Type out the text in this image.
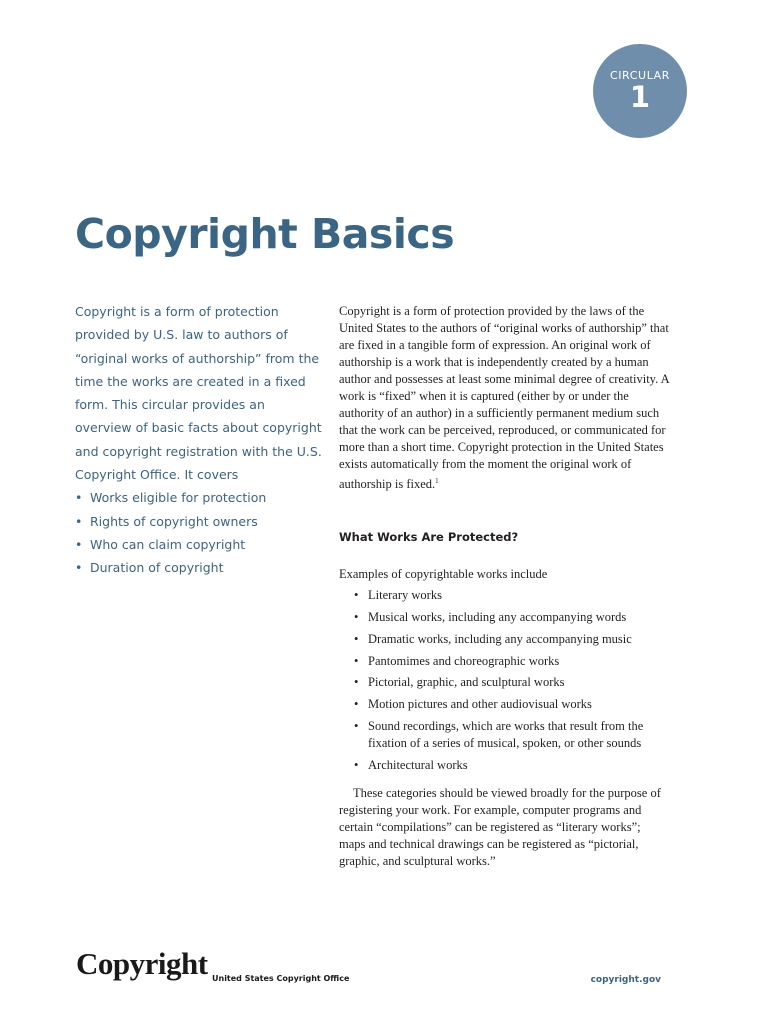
CIRCULAR
1
Copyright Basics

Copyright is a form of protection provided by U.S. law to authors of “original works of authorship” from the time the works are created in a fixed form. This circular provides an overview of basic facts about copyright and copyright registration with the U.S. Copyright Office. It covers

• Works eligible for protection
• Rights of copyright owners
• Who can claim copyright
• Duration of copyright

Copyright is a form of protection provided by the laws of the United States to the authors of “original works of authorship” that are fixed in a tangible form of expression. An original work of authorship is a work that is independently created by a human author and possesses at least some minimal degree of creativity. A work is “fixed” when it is captured (either by or under the authority of an author) in a sufficiently permanent medium such that the work can be perceived, reproduced, or communicated for more than a short time. Copyright protection in the United States exists automatically from the moment the original work of authorship is fixed.$^1$

What Works Are Protected?

Examples of copyrightable works include

• Literary works
• Musical works, including any accompanying words
• Dramatic works, including any accompanying music
• Pantomimes and choreographic works
• Pictorial, graphic, and sculptural works
• Motion pictures and other audiovisual works
• Sound recordings, which are works that result from the fixation of a series of musical, spoken, or other sounds
• Architectural works

These categories should be viewed broadly for the purpose of registering your work. For example, computer programs and certain “compilations” can be registered as “literary works”; maps and technical drawings can be registered as “pictorial, graphic, and sculptural works.”

Copyright United States Copyright Office	copyright.gov
